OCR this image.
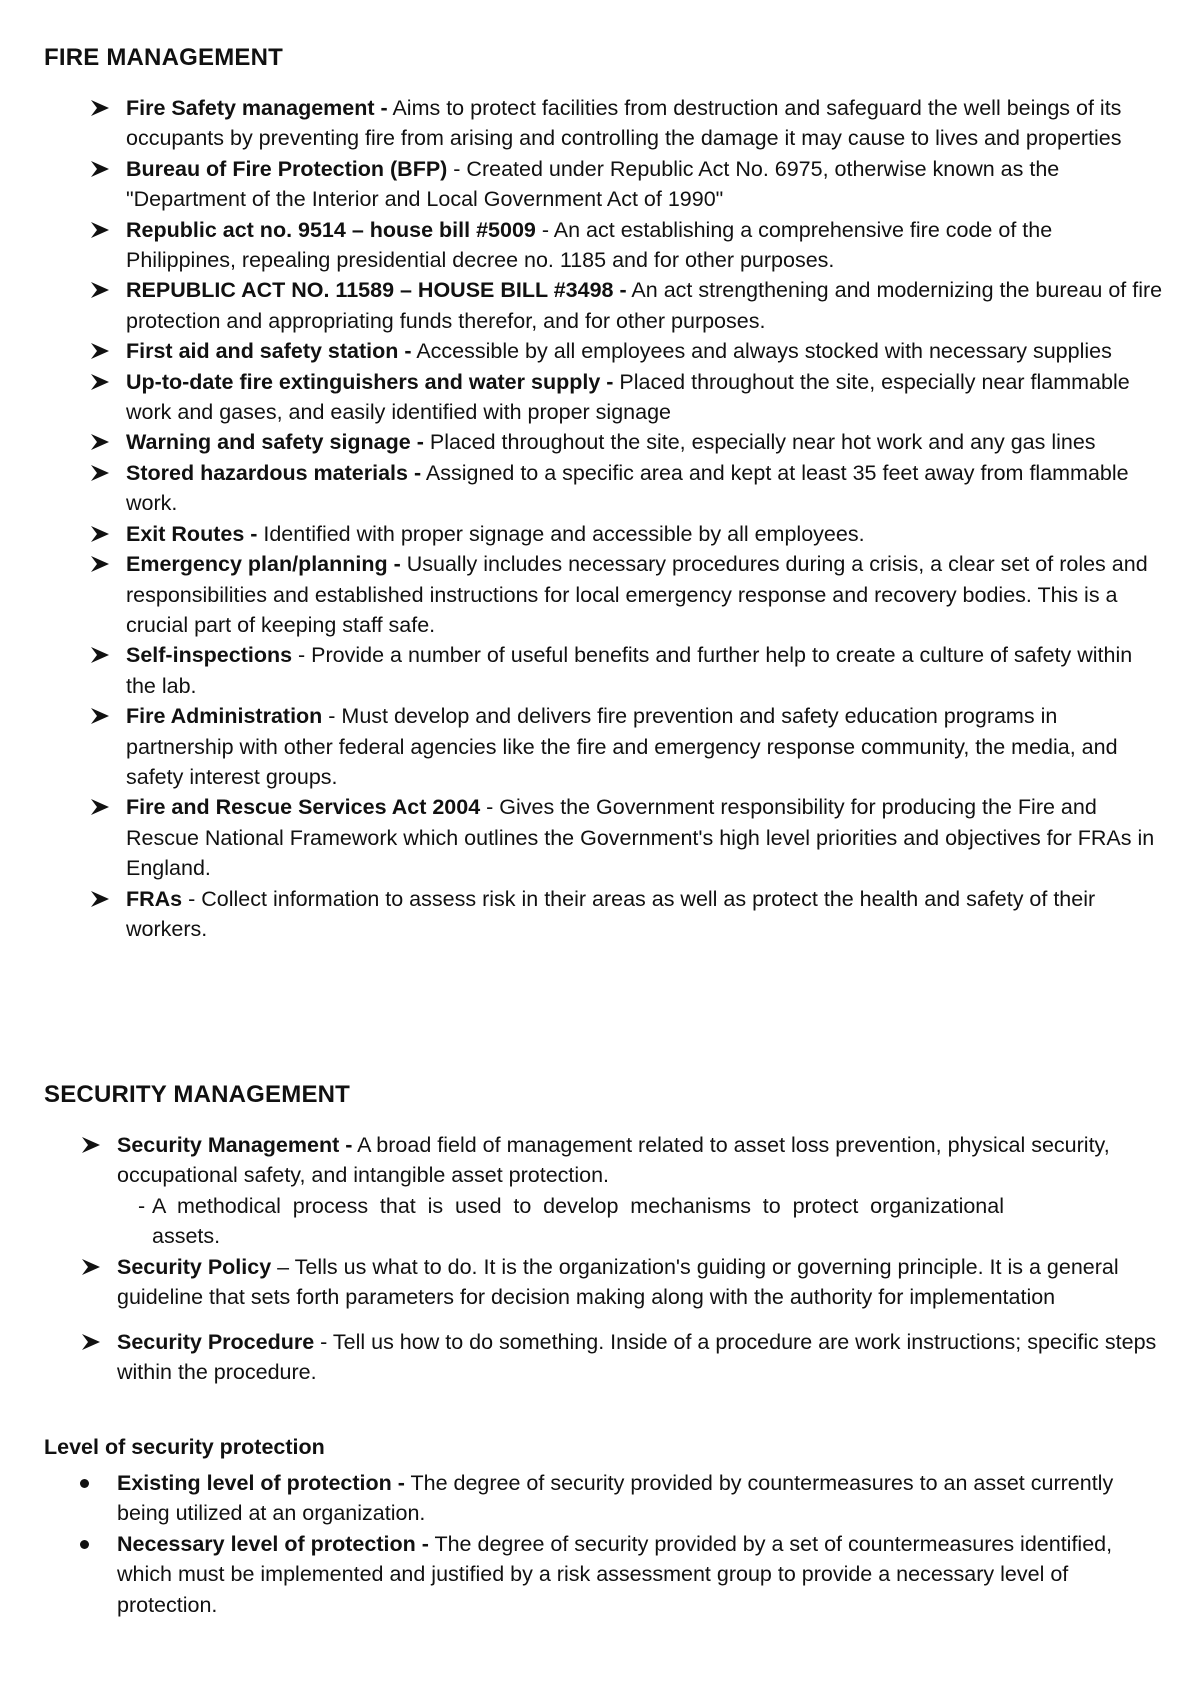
FIRE MANAGEMENT
Fire Safety management - Aims to protect facilities from destruction and safeguard the well beings of its occupants by preventing fire from arising and controlling the damage it may cause to lives and properties
Bureau of Fire Protection (BFP) - Created under Republic Act No. 6975, otherwise known as the "Department of the Interior and Local Government Act of 1990"
Republic act no. 9514 – house bill #5009 - An act establishing a comprehensive fire code of the Philippines, repealing presidential decree no. 1185 and for other purposes.
REPUBLIC ACT NO. 11589 – HOUSE BILL #3498 - An act strengthening and modernizing the bureau of fire protection and appropriating funds therefor, and for other purposes.
First aid and safety station - Accessible by all employees and always stocked with necessary supplies
Up-to-date fire extinguishers and water supply - Placed throughout the site, especially near flammable work and gases, and easily identified with proper signage
Warning and safety signage - Placed throughout the site, especially near hot work and any gas lines
Stored hazardous materials - Assigned to a specific area and kept at least 35 feet away from flammable work.
Exit Routes - Identified with proper signage and accessible by all employees.
Emergency plan/planning - Usually includes necessary procedures during a crisis, a clear set of roles and responsibilities and established instructions for local emergency response and recovery bodies. This is a crucial part of keeping staff safe.
Self-inspections - Provide a number of useful benefits and further help to create a culture of safety within the lab.
Fire Administration - Must develop and delivers fire prevention and safety education programs in partnership with other federal agencies like the fire and emergency response community, the media, and safety interest groups.
Fire and Rescue Services Act 2004 - Gives the Government responsibility for producing the Fire and Rescue National Framework which outlines the Government's high level priorities and objectives for FRAs in England.
FRAs - Collect information to assess risk in their areas as well as protect the health and safety of their workers.
SECURITY MANAGEMENT
Security Management - A broad field of management related to asset loss prevention, physical security, occupational safety, and intangible asset protection.
- A methodical process that is used to develop mechanisms to protect organizational assets.
Security Policy – Tells us what to do. It is the organization's guiding or governing principle. It is a general guideline that sets forth parameters for decision making along with the authority for implementation
Security Procedure - Tell us how to do something. Inside of a procedure are work instructions; specific steps within the procedure.
Level of security protection
Existing level of protection - The degree of security provided by countermeasures to an asset currently being utilized at an organization.
Necessary level of protection - The degree of security provided by a set of countermeasures identified, which must be implemented and justified by a risk assessment group to provide a necessary level of protection.
